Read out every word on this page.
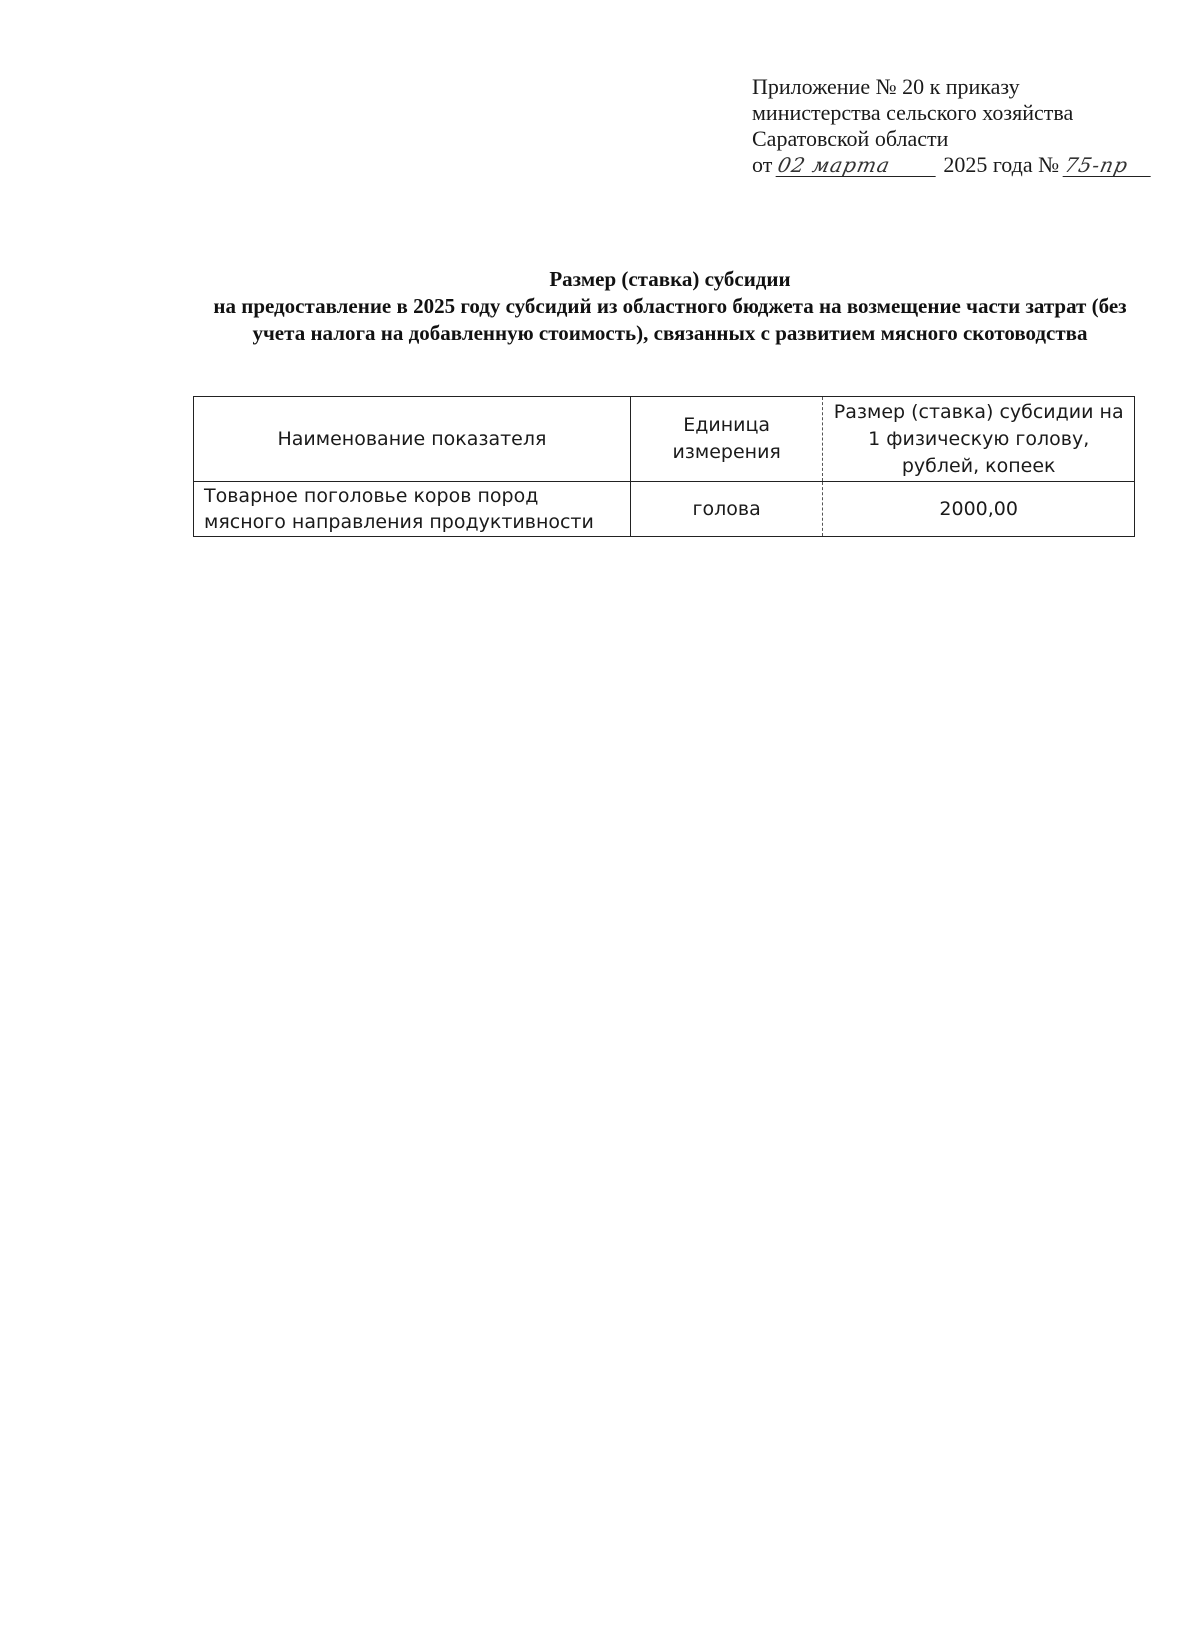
Приложение № 20 к приказу
министерства сельского хозяйства
Саратовской области
от 02 марта 2025 года № 75-пр
Размер (ставка) субсидии
на предоставление в 2025 году субсидий из областного бюджета на возмещение части затрат (без учета налога на добавленную стоимость), связанных с развитием мясного скотоводства
Наименование показателя	Единица измерения	Размер (ставка) субсидии на 1 физическую голову, рублей, копеек
Товарное поголовье коров пород мясного направления продуктивности	голова	2000,00
